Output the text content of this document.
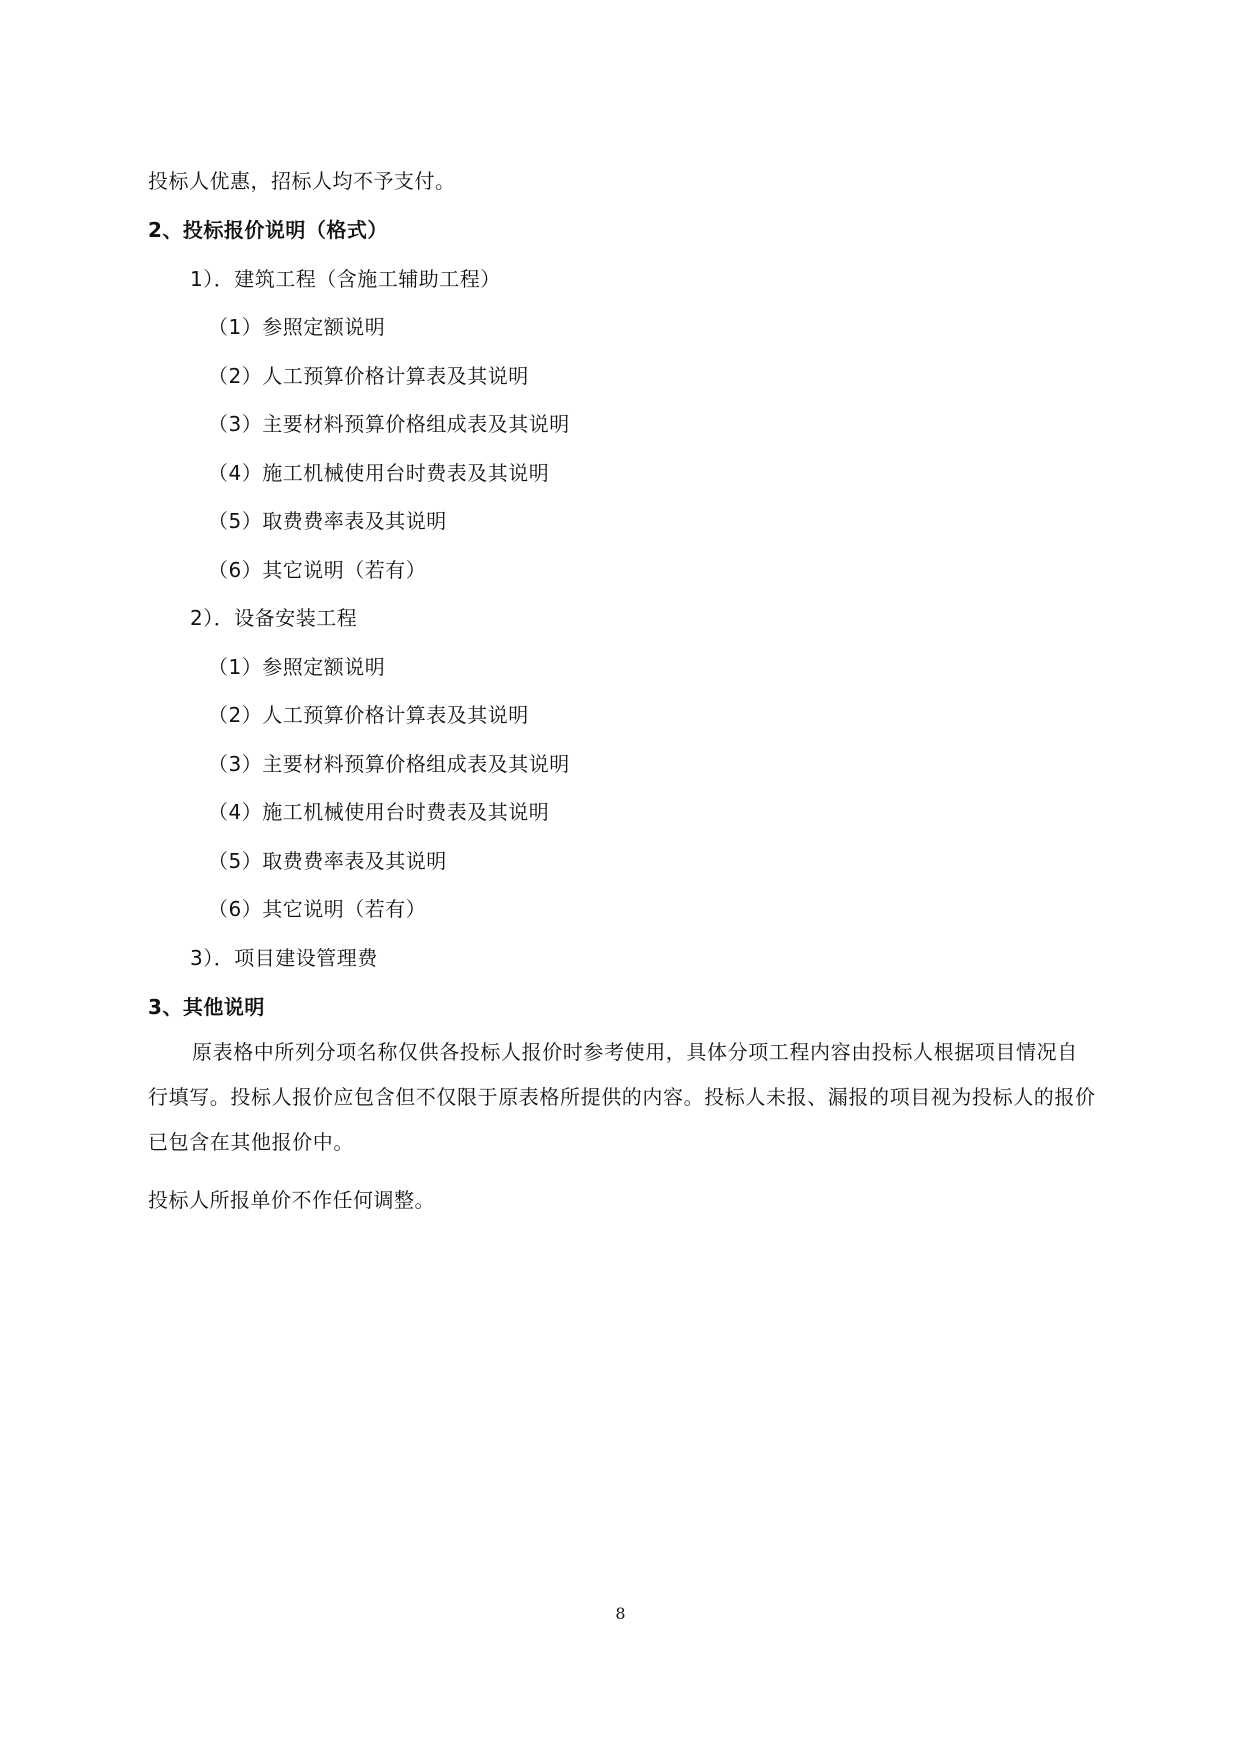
投标人优惠，招标人均不予支付。
2、投标报价说明（格式）
1）．建筑工程（含施工辅助工程）
（1）参照定额说明
（2）人工预算价格计算表及其说明
（3）主要材料预算价格组成表及其说明
（4）施工机械使用台时费表及其说明
（5）取费费率表及其说明
（6）其它说明（若有）
2）．设备安装工程
（1）参照定额说明
（2）人工预算价格计算表及其说明
（3）主要材料预算价格组成表及其说明
（4）施工机械使用台时费表及其说明
（5）取费费率表及其说明
（6）其它说明（若有）
3）．项目建设管理费
3、其他说明
原表格中所列分项名称仅供各投标人报价时参考使用，具体分项工程内容由投标人根据项目情况自行填写。投标人报价应包含但不仅限于原表格所提供的内容。投标人未报、漏报的项目视为投标人的报价已包含在其他报价中。
投标人所报单价不作任何调整。
8
